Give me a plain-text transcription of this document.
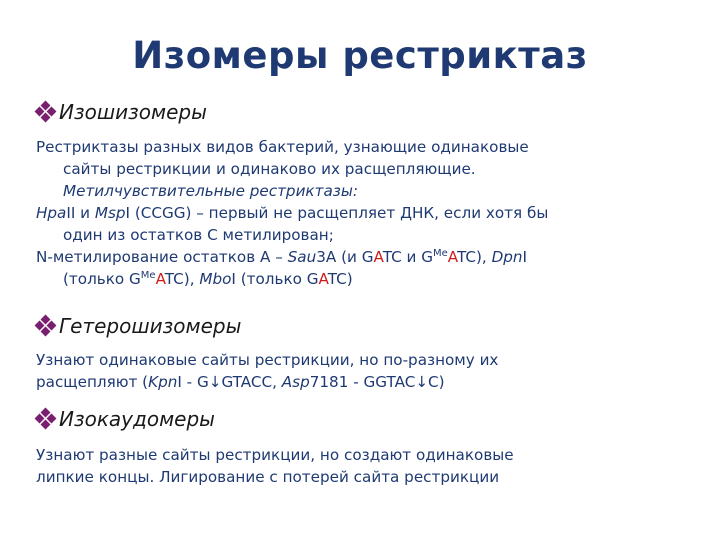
Изомеры рестриктаз
Изошизомеры
Рестриктазы разных видов бактерий, узнающие одинаковые
сайты рестрикции и одинаково их расщепляющие.
Метилчувствительные рестриктазы:
HpaII и MspI (CCGG) – первый не расщепляет ДНК, если хотя бы
один из остатков С метилирован;
N-метилирование остатков А – Sau3А (и GATC и $G^{Me}ATC$), DpnI
(только $G^{Me}ATC$), MboI (только GATC)
Гетерошизомеры
Узнают одинаковые сайты рестрикции, но по-разному их
расщепляют (KpnI - G↓GTACC, Asp7181 - GGTAC↓C)
Изокаудомеры
Узнают разные сайты рестрикции, но создают одинаковые
липкие концы. Лигирование с потерей сайта рестрикции
